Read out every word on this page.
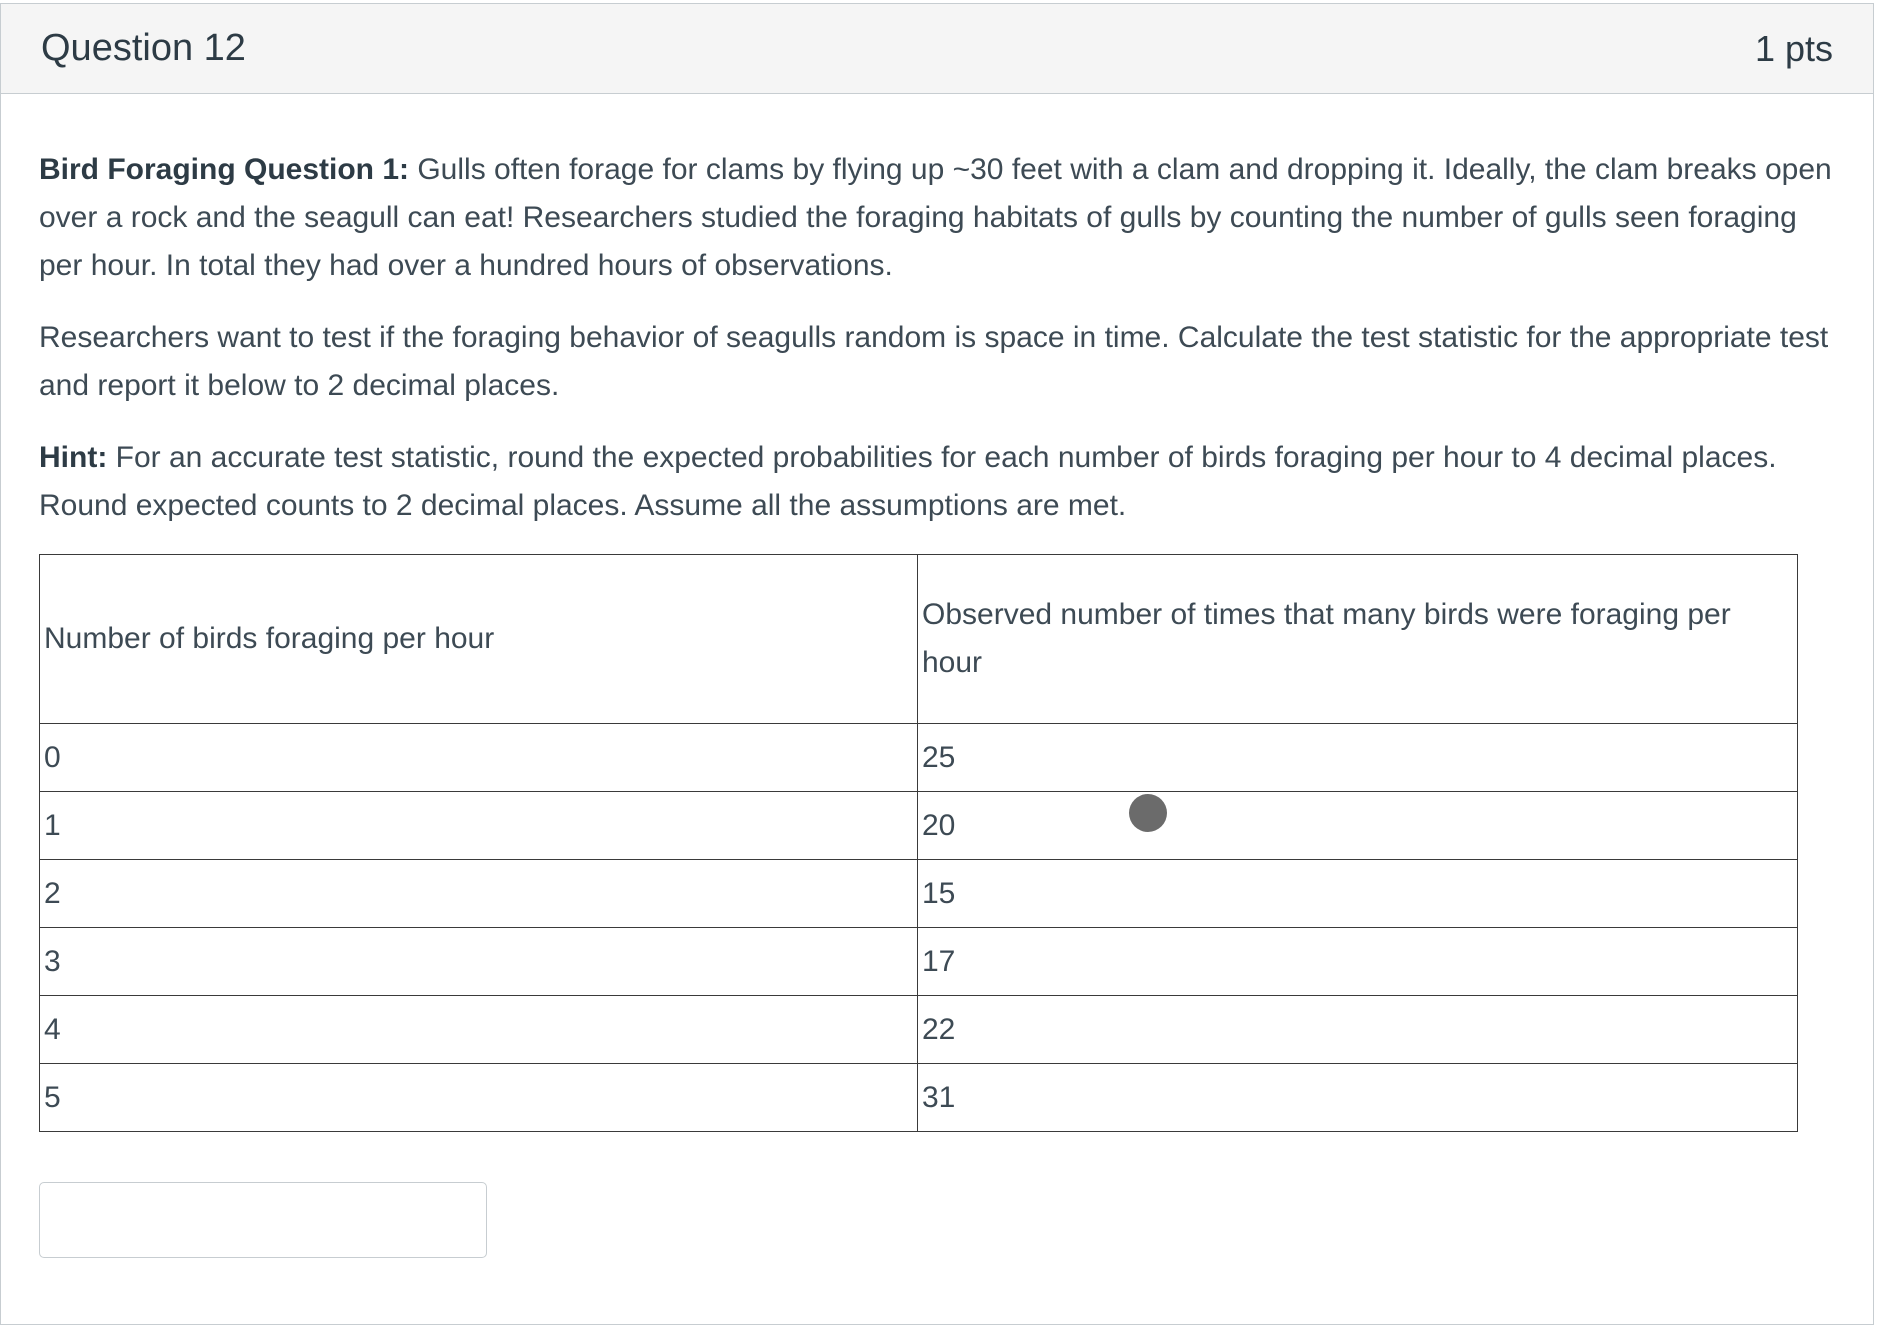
Question 12	1 pts

Bird Foraging Question 1: Gulls often forage for clams by flying up ~30 feet with a clam and dropping it. Ideally, the clam breaks open over a rock and the seagull can eat! Researchers studied the foraging habitats of gulls by counting the number of gulls seen foraging per hour. In total they had over a hundred hours of observations.

Researchers want to test if the foraging behavior of seagulls random is space in time. Calculate the test statistic for the appropriate test and report it below to 2 decimal places.

Hint: For an accurate test statistic, round the expected probabilities for each number of birds foraging per hour to 4 decimal places. Round expected counts to 2 decimal places. Assume all the assumptions are met.

Number of birds foraging per hour	Observed number of times that many birds were foraging per hour
0	25
1	20
2	15
3	17
4	22
5	31
